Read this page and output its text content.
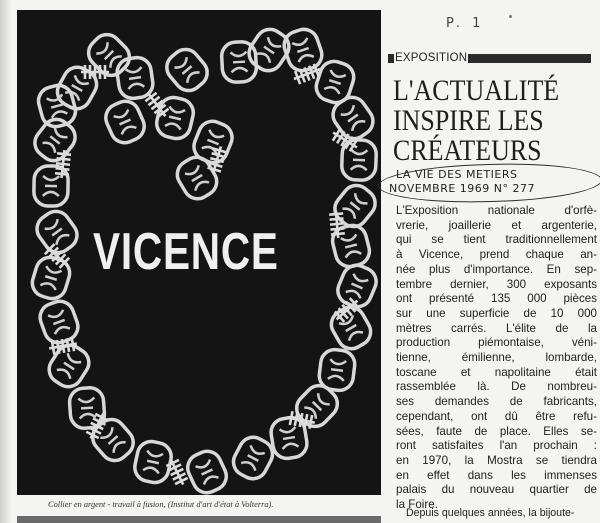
VICENCE
Collier en argent - travail à fusion, (Institut d'art d'état à Volterra).
P. 1
EXPOSITION
L'ACTUALITÉ
INSPIRE LES
CRÉATEURS
LA VIE DES METIERS
NOVEMBRE 1969 N° 277
L'Exposition nationale d'orfè-
vrerie, joaillerie et argenterie,
qui se tient traditionnellement
à Vicence, prend chaque an-
née plus d'importance. En sep-
tembre dernier, 300 exposants
ont présenté 135 000 pièces
sur une superficie de 10 000
mètres carrés. L'élite de la
production piémontaise, véni-
tienne, émilienne, lombarde,
toscane et napolitaine était
rassemblée là. De nombreu-
ses demandes de fabricants,
cependant, ont dû être refu-
sées, faute de place. Elles se-
ront satisfaites l'an prochain :
en 1970, la Mostra se tiendra
en effet dans les immenses
palais du nouveau quartier de
la Foire.
Depuis quelques années, la bijoute-
